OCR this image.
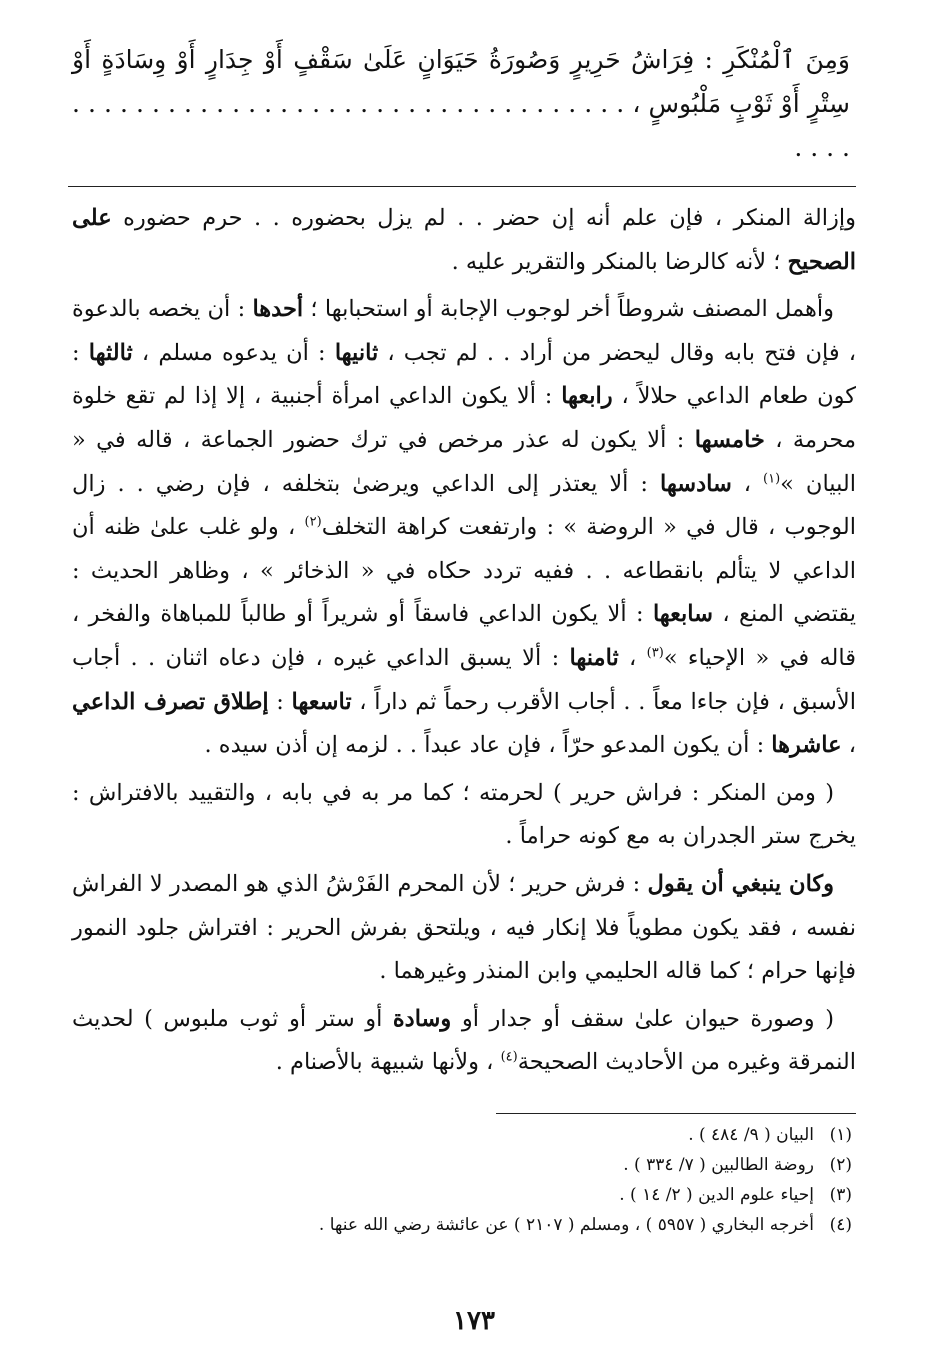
وَمِنَ ٱلْمُنْكَرِ : فِرَاشُ حَرِيرٍ وَصُورَةُ حَيَوَانٍ عَلَىٰ سَقْفٍ أَوْ جِدَارٍ أَوْ وِسَادَةٍ أَوْ سِتْرٍ أَوْ ثَوْبٍ مَلْبُوسٍ ، . . . . . . . . . . . . . . . . . . . . . . . . . . . . . . . . . . . . . . .

وإزالة المنكر ، فإن علم أنه إن حضر . . لم يزل بحضوره . . حرم حضوره على الصحيح ؛ لأنه كالرضا بالمنكر والتقرير عليه .

وأهمل المصنف شروطاً أخر لوجوب الإجابة أو استحبابها ؛ أحدها : أن يخصه بالدعوة ، فإن فتح بابه وقال ليحضر من أراد . . لم تجب ، ثانيها : أن يدعوه مسلم ، ثالثها : كون طعام الداعي حلالاً ، رابعها : ألا يكون الداعي امرأة أجنبية ، إلا إذا لم تقع خلوة محرمة ، خامسها : ألا يكون له عذر مرخص في ترك حضور الجماعة ، قاله في « البيان »$^{(١)}$ ، سادسها : ألا يعتذر إلى الداعي ويرضىٰ بتخلفه ، فإن رضي . . زال الوجوب ، قال في « الروضة » : وارتفعت كراهة التخلف$^{(٢)}$ ، ولو غلب علىٰ ظنه أن الداعي لا يتألم بانقطاعه . . ففيه تردد حكاه في « الذخائر » ، وظاهر الحديث : يقتضي المنع ، سابعها : ألا يكون الداعي فاسقاً أو شريراً أو طالباً للمباهاة والفخر ، قاله في « الإحياء »$^{(٣)}$ ، ثامنها : ألا يسبق الداعي غيره ، فإن دعاه اثنان . . أجاب الأسبق ، فإن جاءا معاً . . أجاب الأقرب رحماً ثم داراً ، تاسعها : إطلاق تصرف الداعي ، عاشرها : أن يكون المدعو حرّاً ، فإن عاد عبداً . . لزمه إن أذن سيده .

( ومن المنكر : فراش حرير ) لحرمته ؛ كما مر به في بابه ، والتقييد بالافتراش : يخرج ستر الجدران به مع كونه حراماً .

وكان ينبغي أن يقول : فرش حرير ؛ لأن المحرم الفَرْشُ الذي هو المصدر لا الفراش نفسه ، فقد يكون مطوياً فلا إنكار فيه ، ويلتحق بفرش الحرير : افتراش جلود النمور فإنها حرام ؛ كما قاله الحليمي وابن المنذر وغيرهما .

( وصورة حيوان علىٰ سقف أو جدار أو وسادة أو ستر أو ثوب ملبوس ) لحديث النمرقة وغيره من الأحاديث الصحيحة$^{(٤)}$ ، ولأنها شبيهة بالأصنام .

(١)
البيان ( ٩/ ٤٨٤ ) .
(٢)
روضة الطالبين ( ٧/ ٣٣٤ ) .
(٣)
إحياء علوم الدين ( ٢/ ١٤ ) .
(٤)
أخرجه البخاري ( ٥٩٥٧ ) ، ومسلم ( ٢١٠٧ ) عن عائشة رضي الله عنها .
١٧٣
